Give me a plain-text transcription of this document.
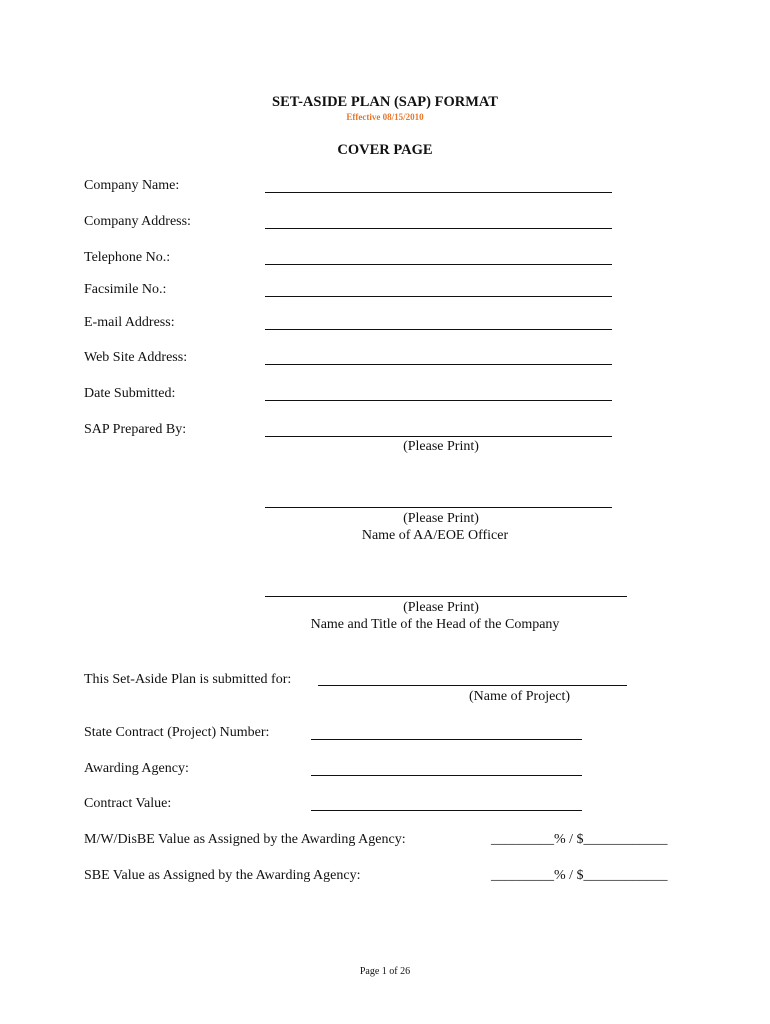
SET-ASIDE PLAN (SAP) FORMAT
Effective 08/15/2010
COVER PAGE
Company Name:
Company Address:
Telephone No.:
Facsimile No.:
E-mail Address:
Web Site Address:
Date Submitted:
SAP Prepared By:
(Please Print)
(Please Print)
Name of AA/EOE Officer
(Please Print)
Name and Title of the Head of the Company
This Set-Aside Plan is submitted for:
(Name of Project)
State Contract (Project) Number:
Awarding Agency:
Contract Value:
M/W/DisBE Value as Assigned by the Awarding Agency:	_________% / $____________
SBE Value as Assigned by the Awarding Agency:	_________% / $____________
Page 1 of 26
